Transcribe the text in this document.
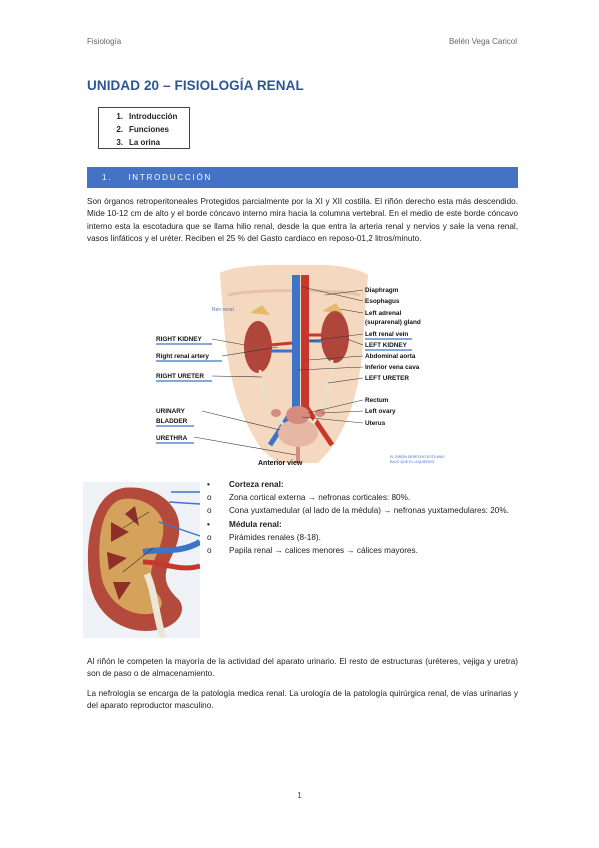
Fisiología	Belén Vega Caricol
UNIDAD 20 – FISIOLOGÍA RENAL
1. Introducción
2. Funciones
3. La orina
1. INTRODUCCIÓN

Son órganos retroperitoneales Protegidos parcialmente por la XI y XII costilla. El riñón derecho esta más descendido. Mide 10-12 cm de alto y el borde cóncavo interno mira hacia la columna vertebral. En el medio de este borde cóncavo interno esta la escotadura que se llama hilio renal, desde la que entra la arteria renal y nervios y sale la vena renal, vasos linfáticos y el uréter. Reciben el 25 % del Gasto cardiaco en reposo-01,2 litros/minuto.

Ren renal
RIGHT KIDNEY
Right renal artery
RIGHT URETER
URINARY
BLADDER
URETHRA
Diaphragm
Esophagus
Left adrenal
(suprarenal) gland
Left renal vein
LEFT KIDNEY
Abdominal aorta
Inferior vena cava
LEFT URETER
Rectum
Left ovary
Uterus
Anterior view
EL RIÑÓN DERECHO ESTA MAS
BAJO QUE EL IZQUIERDO
•	Corteza renal:
o	Zona cortical externa → nefronas corticales: 80%.
o	Cona yuxtamedular (al lado de la médula) → nefronas yuxtamedulares: 20%.
•	Médula renal:
o	Pirámides renales (8-18).
o	Papila renal → calices menores → cálices mayores.

Al riñón le competen la mayoría de la actividad del aparato urinario. El resto de estructuras (uréteres, vejiga y uretra) son de paso o de almacenamiento.

La nefrología se encarga de la patología medica renal. La urología de la patología quirúrgica renal, de vías urinarias y del aparato reproductor masculino.

1
